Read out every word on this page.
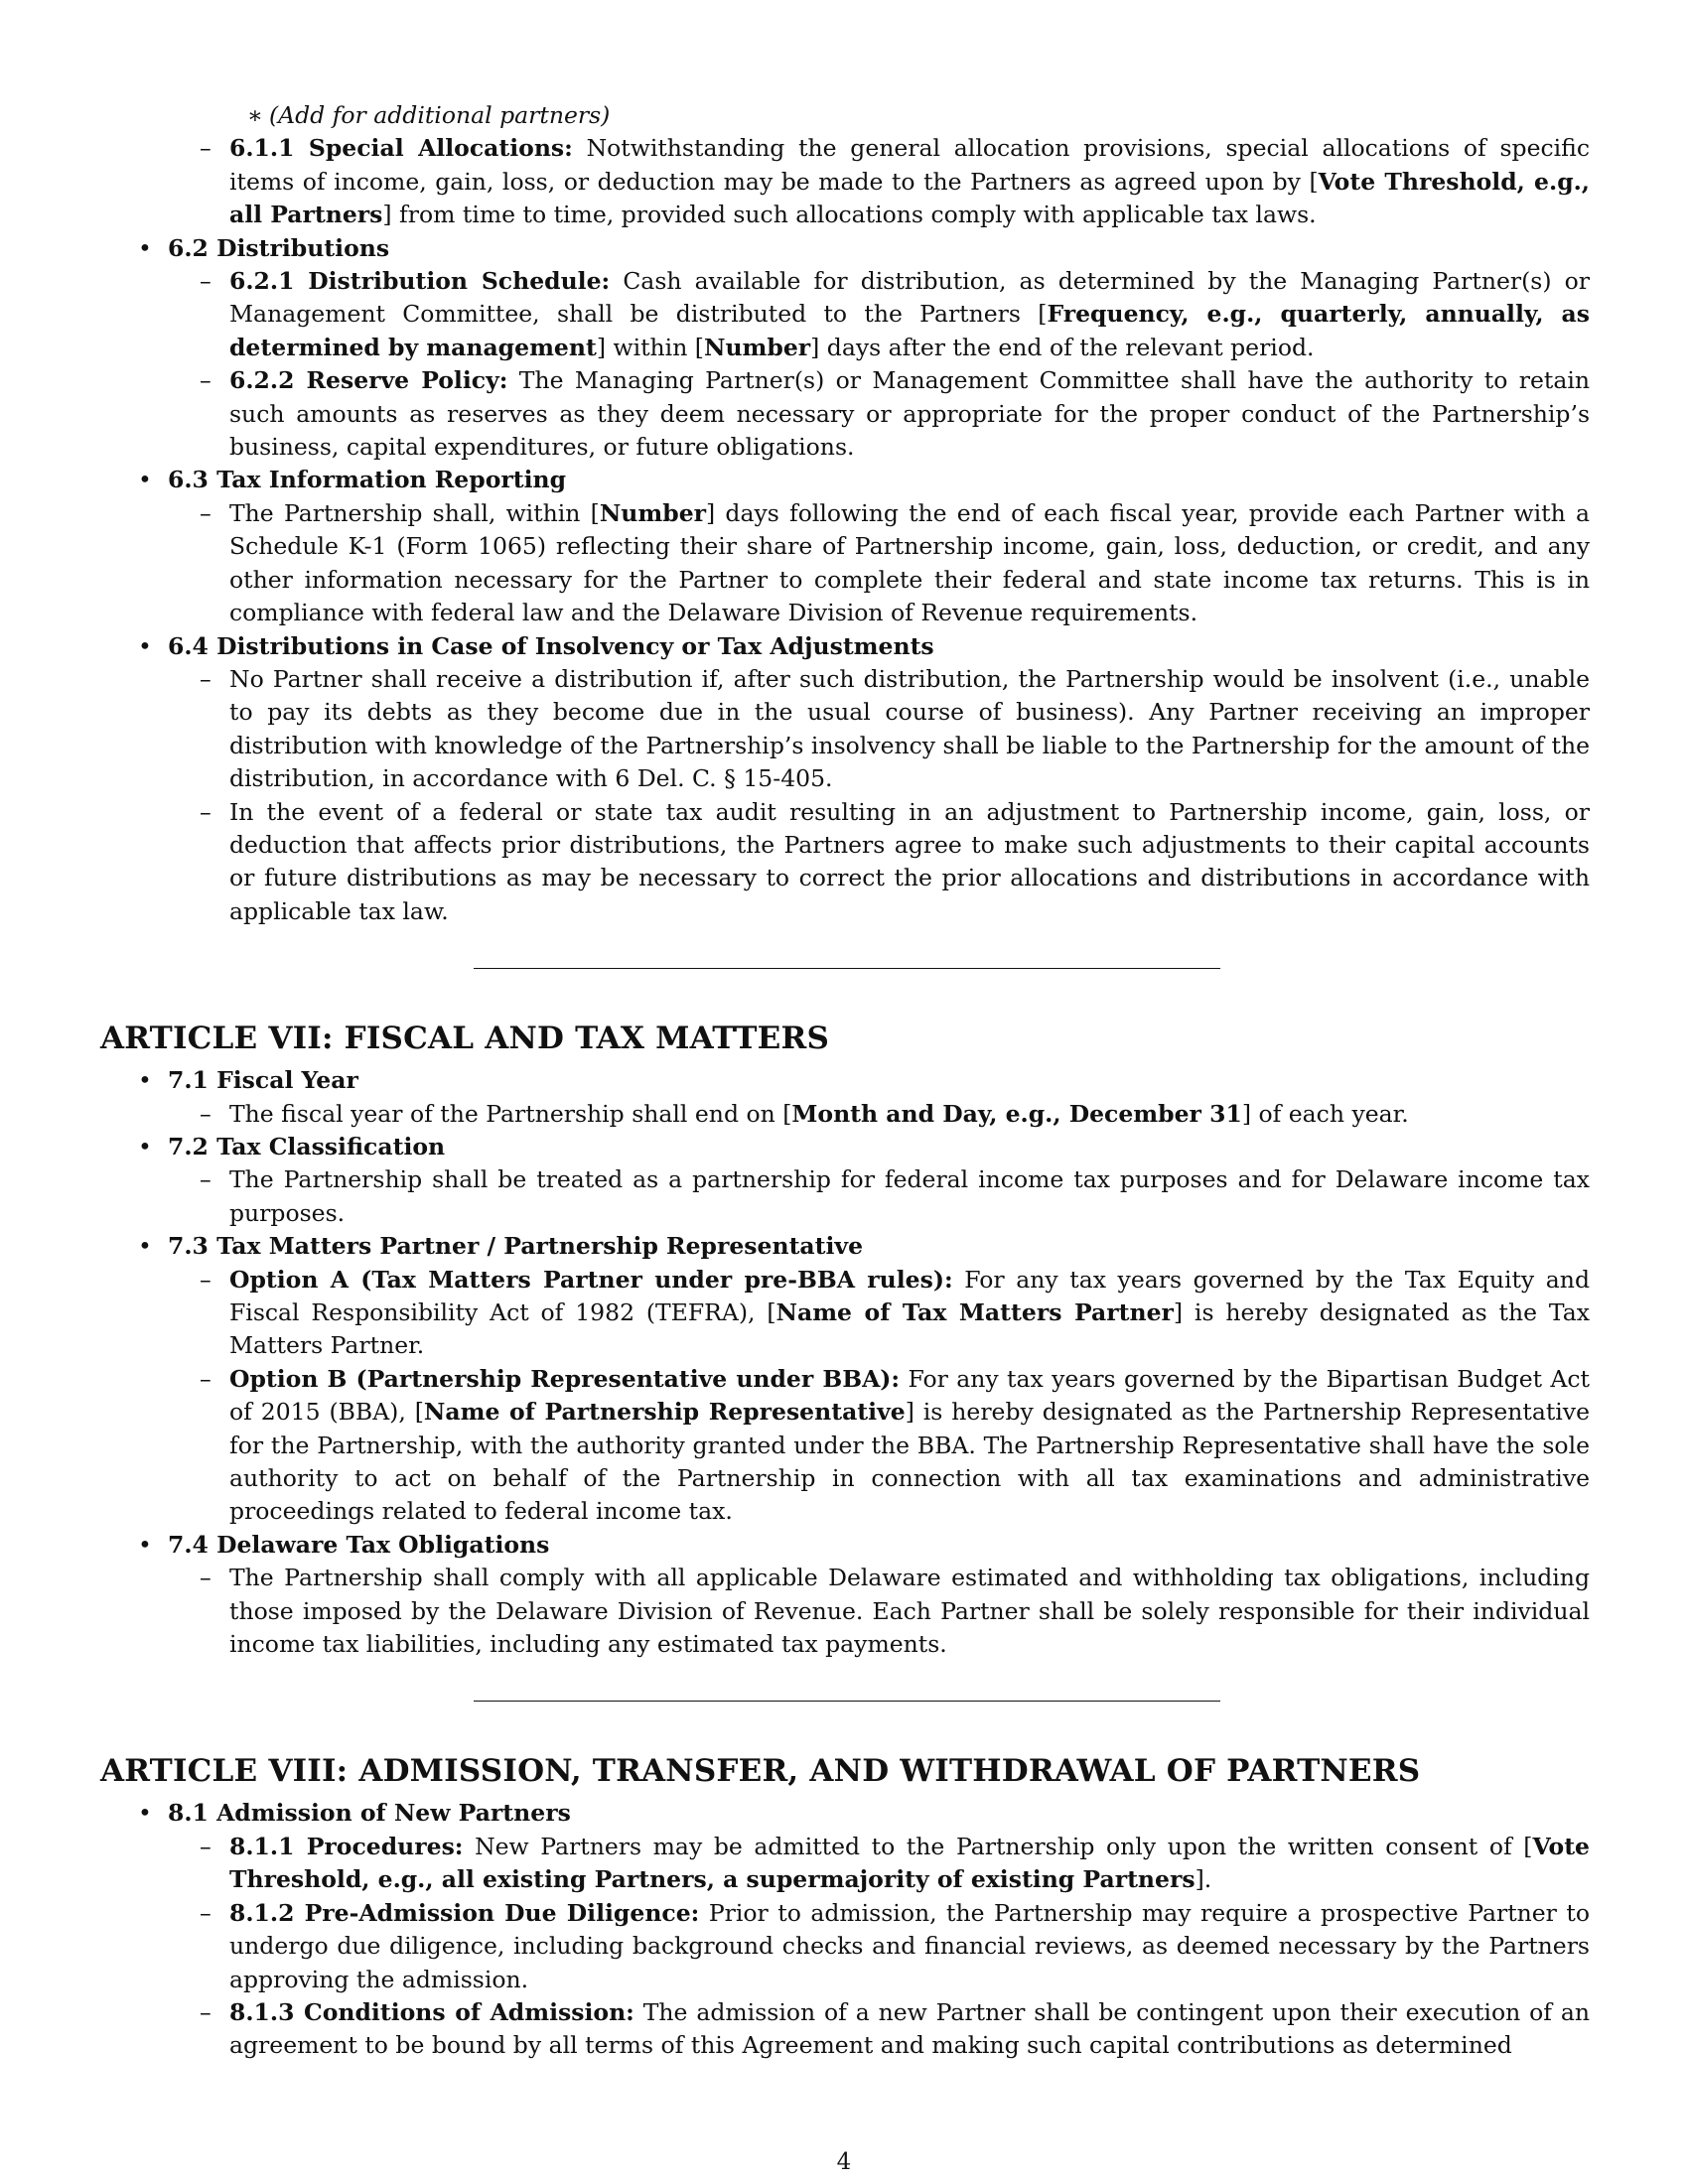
∗ (Add for additional partners)
– 6.1.1 Special Allocations: Notwithstanding the general allocation provisions, special allocations of specific items of income, gain, loss, or deduction may be made to the Partners as agreed upon by [Vote Threshold, e.g., all Partners] from time to time, provided such allocations comply with applicable tax laws.
• 6.2 Distributions
– 6.2.1 Distribution Schedule: Cash available for distribution, as determined by the Managing Partner(s) or Management Committee, shall be distributed to the Partners [Frequency, e.g., quarterly, annually, as determined by management] within [Number] days after the end of the relevant period.
– 6.2.2 Reserve Policy: The Managing Partner(s) or Management Committee shall have the authority to retain such amounts as reserves as they deem necessary or appropriate for the proper conduct of the Partnership’s business, capital expenditures, or future obligations.
• 6.3 Tax Information Reporting
– The Partnership shall, within [Number] days following the end of each fiscal year, provide each Partner with a Schedule K-1 (Form 1065) reflecting their share of Partnership income, gain, loss, deduction, or credit, and any other information necessary for the Partner to complete their federal and state income tax returns. This is in compliance with federal law and the Delaware Division of Revenue requirements.
• 6.4 Distributions in Case of Insolvency or Tax Adjustments
– No Partner shall receive a distribution if, after such distribution, the Partnership would be insolvent (i.e., unable to pay its debts as they become due in the usual course of business). Any Partner receiving an improper distribution with knowledge of the Partnership’s insolvency shall be liable to the Partnership for the amount of the distribution, in accordance with 6 Del. C. § 15-405.
– In the event of a federal or state tax audit resulting in an adjustment to Partnership income, gain, loss, or deduction that affects prior distributions, the Partners agree to make such adjustments to their capital accounts or future distributions as may be necessary to correct the prior allocations and distributions in accordance with applicable tax law.
ARTICLE VII: FISCAL AND TAX MATTERS
• 7.1 Fiscal Year
– The fiscal year of the Partnership shall end on [Month and Day, e.g., December 31] of each year.
• 7.2 Tax Classification
– The Partnership shall be treated as a partnership for federal income tax purposes and for Delaware income tax purposes.
• 7.3 Tax Matters Partner / Partnership Representative
– Option A (Tax Matters Partner under pre-BBA rules): For any tax years governed by the Tax Equity and Fiscal Responsibility Act of 1982 (TEFRA), [Name of Tax Matters Partner] is hereby designated as the Tax Matters Partner.
– Option B (Partnership Representative under BBA): For any tax years governed by the Bipartisan Budget Act of 2015 (BBA), [Name of Partnership Representative] is hereby designated as the Partnership Representative for the Partnership, with the authority granted under the BBA. The Partnership Representative shall have the sole authority to act on behalf of the Partnership in connection with all tax examinations and administrative proceedings related to federal income tax.
• 7.4 Delaware Tax Obligations
– The Partnership shall comply with all applicable Delaware estimated and withholding tax obligations, including those imposed by the Delaware Division of Revenue. Each Partner shall be solely responsible for their individual income tax liabilities, including any estimated tax payments.
ARTICLE VIII: ADMISSION, TRANSFER, AND WITHDRAWAL OF PARTNERS
• 8.1 Admission of New Partners
– 8.1.1 Procedures: New Partners may be admitted to the Partnership only upon the written consent of [Vote Threshold, e.g., all existing Partners, a supermajority of existing Partners].
– 8.1.2 Pre-Admission Due Diligence: Prior to admission, the Partnership may require a prospective Partner to undergo due diligence, including background checks and financial reviews, as deemed necessary by the Partners approving the admission.
– 8.1.3 Conditions of Admission: The admission of a new Partner shall be contingent upon their execution of an agreement to be bound by all terms of this Agreement and making such capital contributions as determined
4
